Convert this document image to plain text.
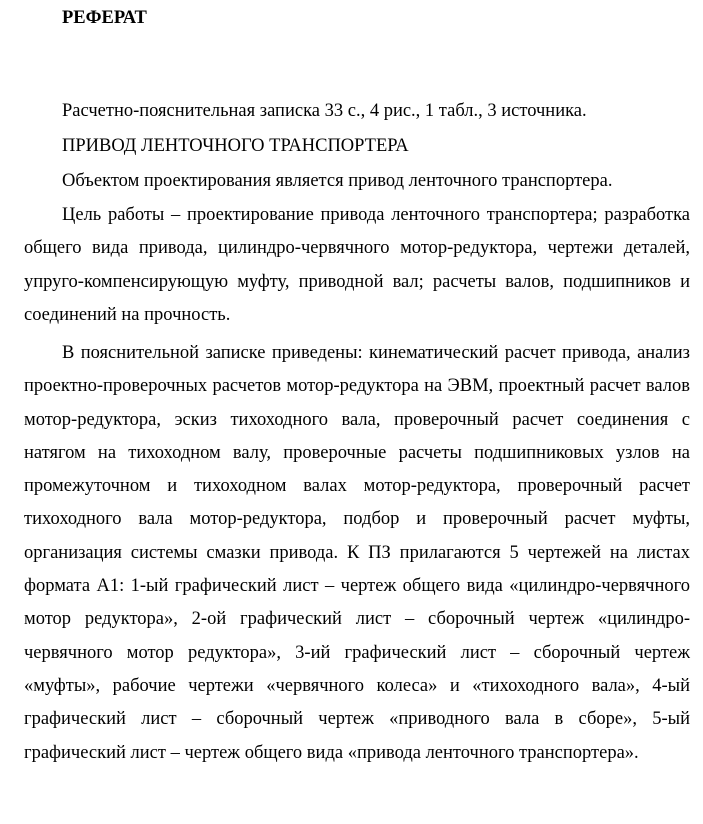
РЕФЕРАТ
Расчетно-пояснительная записка 33 с., 4 рис., 1 табл., 3 источника.
ПРИВОД ЛЕНТОЧНОГО ТРАНСПОРТЕРА
Объектом проектирования является привод ленточного транспортера.
Цель работы – проектирование привода ленточного транспортера; разработка общего вида привода, цилиндро-червячного мотор-редуктора, чертежи деталей, упруго-компенсирующую муфту, приводной вал; расчеты валов, подшипников и соединений на прочность.
В пояснительной записке приведены: кинематический расчет привода, анализ проектно-проверочных расчетов мотор-редуктора на ЭВМ, проектный расчет валов мотор-редуктора, эскиз тихоходного вала, проверочный расчет соединения с натягом на тихоходном валу, проверочные расчеты подшипниковых узлов на промежуточном и тихоходном валах мотор-редуктора, проверочный расчет тихоходного вала мотор-редуктора, подбор и проверочный расчет муфты, организация системы смазки привода. К ПЗ прилагаются 5 чертежей на листах формата А1: 1-ый графический лист – чертеж общего вида «цилиндро-червячного мотор редуктора», 2-ой графический лист – сборочный чертеж «цилиндро-червячного мотор редуктора», 3-ий графический лист – сборочный чертеж «муфты», рабочие чертежи «червячного колеса» и «тихоходного вала», 4-ый графический лист – сборочный чертеж «приводного вала в сборе», 5-ый графический лист – чертеж общего вида «привода ленточного транспортера».
